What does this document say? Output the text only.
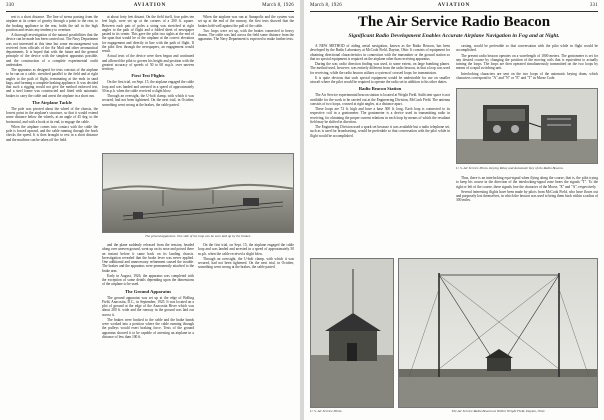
330	AVIATION	March 8, 1926

rest is a short distance. The line of stems passing from the airplane at its center of gravity through a point to the rear, to the braking appliance in the rear, holds the tail in the high position and resists any tendency to overturn.

A thorough investigation of the natural possibilities that the device can be made has been carried out. The Navy Department was not interested at this time but some encouragement was received from officials of the Air Mail and other aeronautical departments. It is hoped that with the future and the general principle of the device with the simplest apparatus possible, and the construction of a complete experimental outfit undertaken.

The apparatus as designed for tests consists of the airplane to be run on a cable, stretched parallel to the field and at right angles to the path of flight, terminating at the ends in sand bags, and forming a complete braking appliance. It was decided that such a rigging would not give the method enforced test, and a steel frame was constructed and fitted with automatic brakes to carry the cable and arrest the airplane in a short run.

The Airplane Tackle

The pole was pivoted about the wheel of the chassis, the lowest point in the airplane's structure, so that it would extend some distance below the wheels, at an angle of 45 deg. to the horizontal, and with a hook at its end, to engage the cable.

When the airplane comes into contact with the cable the pole is forced upward, and the cable running through the hook checks the speed. It is then brought to rest in a short distance and the machine can be taken off the field.

at about forty feet distant. On the field itself, four poles ten feet high, were set up at the corners of a 200 ft. square. Between each pair of poles a string was stretched at right angles to the path of flight and a folded sheet of newspaper pasted in its center. This gave the pilot two sights at the end of the span that would be of the airplane at the correct elevation for engagement and directly in line with the path of flight. If the pilot flew through the newspapers, an engagement would result.

Actual tests of the device were then begun and continued and allowed the pilot to govern his height and position with the greatest accuracy of speeds of 50 to 60 m.p.h. over uneven territory.

First Test Flights

On the first trial, on Sept. 15, the airplane engaged the cable loop and was landed and arrested in a speed of approximately 50 m.p.h. when the cable received a slight blow.

Through an oversight, the U-bolt clamp, with which it was secured, had not been tightened. On the next trial, in October, something went wrong at the brakes, the cable parted.

The ground apparatus. One side of the loop can be seen laid up by the brakes.

and the plane suddenly released from the tension, headed along over uneven ground, went up on its nose and poised there an instant before it came back on its landing chassis. Investigation revealed that the brake lever was never applied. One additional and unnecessary refinement caused the trouble. The brakes and the apparatus were permanently attached to the brake arm.

Early in August, 1926, the apparatus was completed with the exception of some details depending upon the dimensions of the airplane to be used.

The Ground Apparatus

The ground apparatus was set up at the edge of Bolling Field, Anacostia, D.C., in September, 1925. It was located on a plot of ground at the edge of the Anacostia River which was about 200 ft. wide and the runway in the ground was laid out across it.

The brakes were hooked to the cable and the brake bands were worked into a position where the cable running through the pulleys would exert braking force. Tests of the ground apparatus showed it to be capable of arresting an airplane in a distance of less than 100 ft.

When the airplane was run at Annapolis and the system was set up at the end of the runway, the first tests showed that the brakes held well against the pull of the cable.

Two loops were set up, with the brakes connected to heavy drums. The cable was laid across the field some distance from the apparatus. The Navy Department is expected to make further tests.

On the first trial, on Sept. 15, the airplane engaged the cable loop and was landed and arrested in a speed of approximately 50 m.p.h. when the cable received a slight blow.

Through an oversight, the U-bolt clamp, with which it was secured, had not been tightened. On the next trial, in October, something went wrong at the brakes, the cable parted.

March 8, 1926	AVIATION	331
The Air Service Radio Beacon
Significant Radio Development Enables Accurate Airplane Navigation in Fog and at Night.

A NEW METHOD of aiding aerial navigation, known as the Radio Beacon, has been developed by the Radio Laboratory at McCook Field, Dayton, Ohio. It consists of equipment for obtaining directional characteristics in connection with the transmitter or the ground station so that no special equipment is required on the airplane other than receiving apparatus.

During the war, radio direction finding was used, to some extent, on large bombing planes. The method used, however, was entirely different from the radio beacon, in that a loop was used for receiving, while the radio beacon utilizes a system of crossed loops for transmission.

It is quite obvious that such special equipment would be undesirable for use on smaller aircraft where the pilot would be required to operate the radio set in addition to his other duties.

Radio Beacon Station

The Air Service experimental beacon station is located at Wright Field. Sufficient space is not available for the work to be carried out at the Engineering Division, McCook Field. The antenna consists of two loops, crossed at right angles, at a distance apart.

These loops are 72 ft. high and have a base 300 ft. long. Each loop is connected to its respective coil in a goniometer. The goniometer is a device used in transmitting radio in receiving, for obtaining the proper current relations in each loop by means of which the resultant field may be shifted in direction.

The Engineering Division used a spark set because it was available but a radio telephone set, such as is used for broadcasting, would be preferable so that conversation with the pilot while in flight would be accomplished.

casting, would be preferable so that conversation with the pilot while in flight would be accomplished.

The present radio beacon operates on a wavelength of 1000 meters. The goniometer is set for any desired course by changing the position of the moving coils that is equivalent to actually turning the loops. The loops are then operated simultaneously transmitted on the two loops by means of a rapid switching unit.

Interlocking characters are sent on the two loops of the automatic keying drum, which characters correspond to "A" and "N" or "E" and "T" in Morse Code.

U. S. Air Service Photo. Keying Relay and Automatic Key of the Radio Beacon.

Thus, there is an interlocking equi-signal when flying along the course, that is, the pilot trying to keep his course in the direction of the interlocking-signal zone hears the signals "T". To the right or left of the course, these signals lose the character of the Morse, "E" and "A", respectively.

Several interesting flights have been made by pilots from McCook Field, who have flown out and purposely lost themselves, in which the beacon was used to bring them back within a radius of 300 miles.

U. S. Air Service Photo	The Air Service Radio Beacon at Wilbur Wright Field, Dayton, Ohio
